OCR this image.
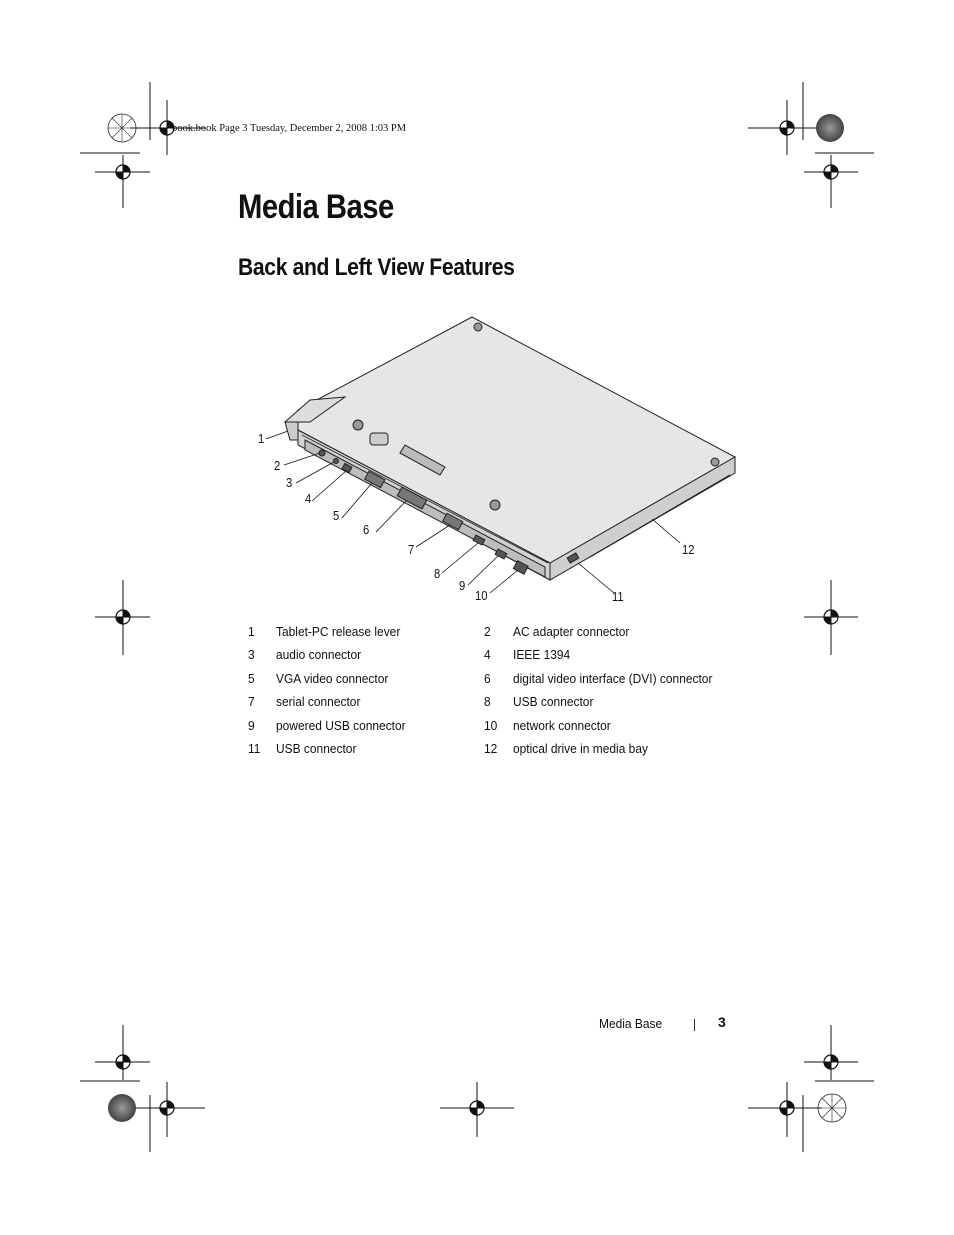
book.book Page 3 Tuesday, December 2, 2008 1:03 PM
Media Base
Back and Left View Features
1
2
3
4
5
6
7
8
9
10	11
12
1 Tablet-PC release lever	2 AC adapter connector
3 audio connector	4 IEEE 1394
5 VGA video connector	6 digital video interface (DVI) connector
7 serial connector	8 USB connector
9 powered USB connector	10 network connector
11 USB connector	12 optical drive in media bay
Media Base	3
